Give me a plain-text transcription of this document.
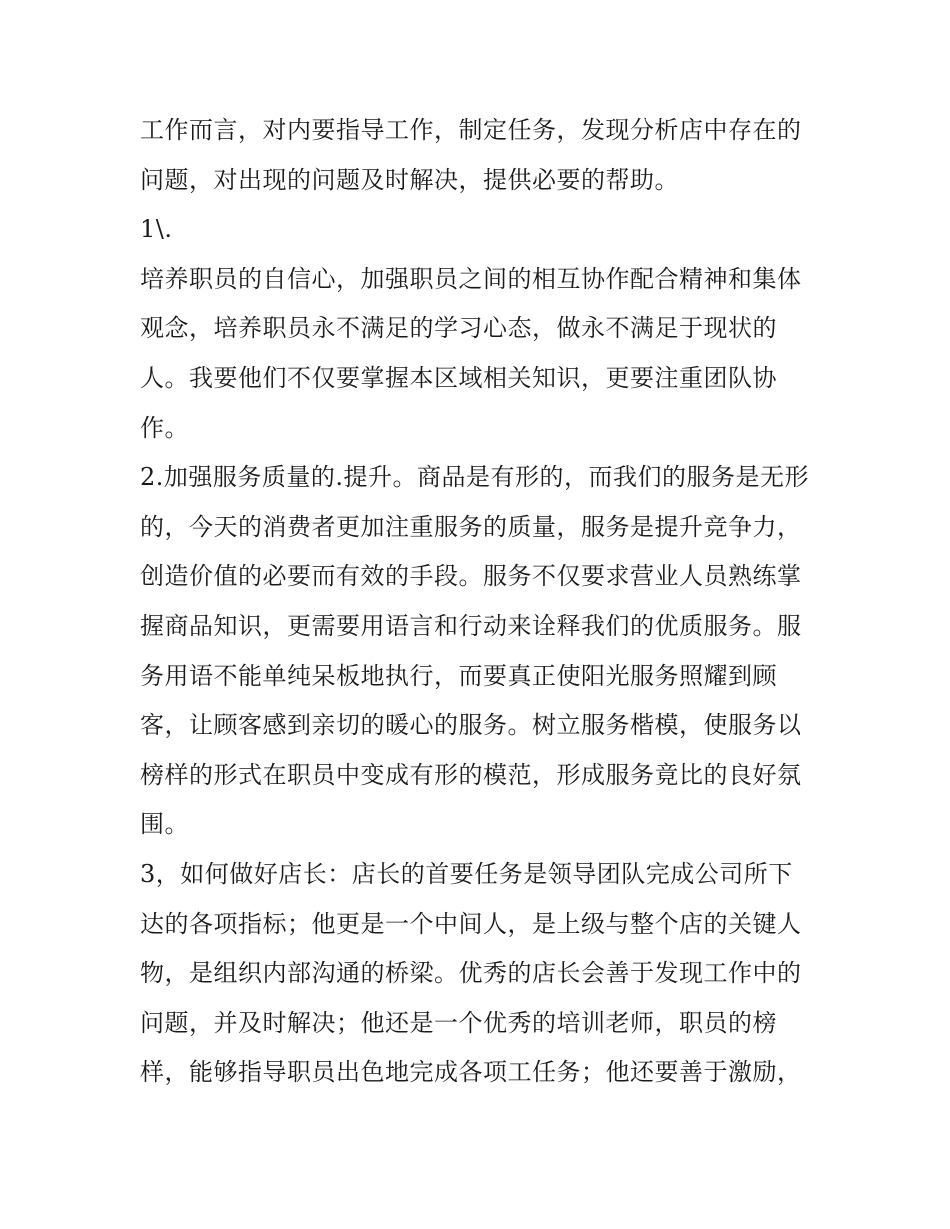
工作而言，对内要指导工作，制定任务，发现分析店中存在的
问题，对出现的问题及时解决，提供必要的帮助。
1\.
培养职员的自信心，加强职员之间的相互协作配合精神和集体
观念，培养职员永不满足的学习心态，做永不满足于现状的
人。我要他们不仅要掌握本区域相关知识，更要注重团队协
作。
2.加强服务质量的.提升。商品是有形的，而我们的服务是无形
的，今天的消费者更加注重服务的质量，服务是提升竞争力，
创造价值的必要而有效的手段。服务不仅要求营业人员熟练掌
握商品知识，更需要用语言和行动来诠释我们的优质服务。服
务用语不能单纯呆板地执行，而要真正使阳光服务照耀到顾
客，让顾客感到亲切的暖心的服务。树立服务楷模，使服务以
榜样的形式在职员中变成有形的模范，形成服务竟比的良好氛
围。
3，如何做好店长：店长的首要任务是领导团队完成公司所下
达的各项指标；他更是一个中间人，是上级与整个店的关键人
物，是组织内部沟通的桥梁。优秀的店长会善于发现工作中的
问题，并及时解决；他还是一个优秀的培训老师，职员的榜
样，能够指导职员出色地完成各项工任务；他还要善于激励，
